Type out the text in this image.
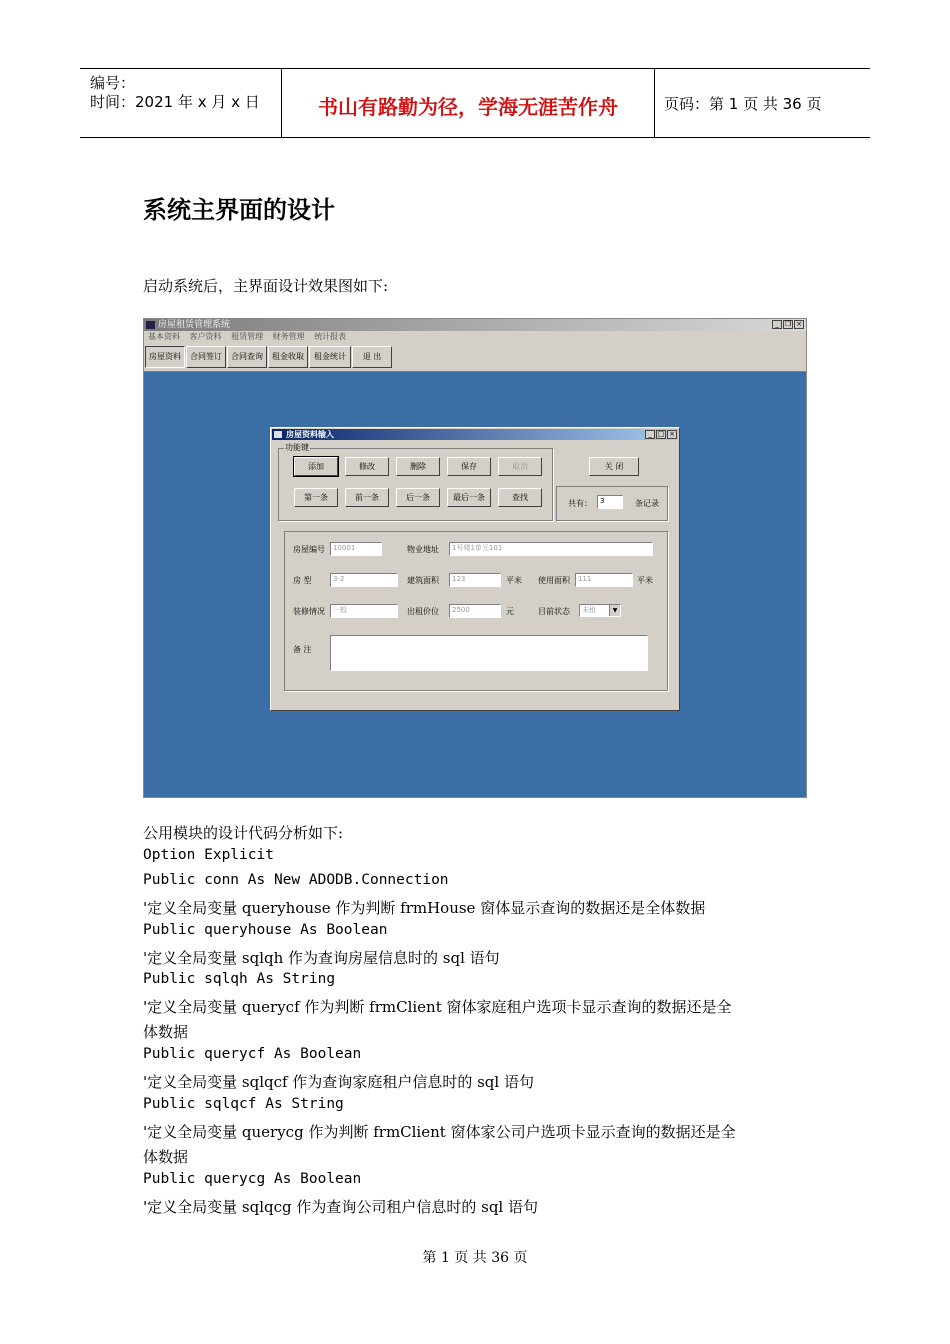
编号：
时间：2021 年 x 月 x 日	书山有路勤为径，学海无涯苦作舟	页码：第 1 页 共 36 页
系统主界面的设计
启动系统后，主界面设计效果图如下:
房屋租赁管理系统	_ ❐ ×
基本资料 客户资料 租赁管理 财务管理 统计报表
房屋资料	合同签订	合同查询	租金收取	租金统计	退 出
房屋资料输入	_ □ ×
功能键
添加	修改	删除	保存	取消
第一条	前一条	后一条	最后一条	查找
关 闭
共有：	3	条记录
房屋编号	10001	物业地址	1号楼1单元101
房 型	3-2	建筑面积	123	平米 使用面积	111	平米
装修情况	一般	出租价位	2500	元	目前状态	未租	▼
备 注
公用模块的设计代码分析如下:
Option Explicit
Public conn As New ADODB.Connection
'定义全局变量 queryhouse 作为判断 frmHouse 窗体显示查询的数据还是全体数据
Public queryhouse As Boolean
'定义全局变量 sqlqh 作为查询房屋信息时的 sql 语句
Public sqlqh As String
'定义全局变量 querycf 作为判断 frmClient 窗体家庭租户选项卡显示查询的数据还是全
体数据
Public querycf As Boolean
'定义全局变量 sqlqcf 作为查询家庭租户信息时的 sql 语句
Public sqlqcf As String
'定义全局变量 querycg 作为判断 frmClient 窗体家公司户选项卡显示查询的数据还是全
体数据
Public querycg As Boolean
'定义全局变量 sqlqcg 作为查询公司租户信息时的 sql 语句
第 1 页 共 36 页
